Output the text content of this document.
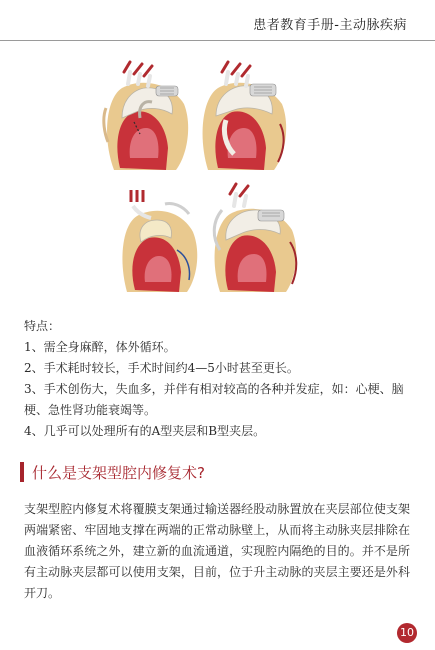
患者教育手册-主动脉疾病

特点：

1、需全身麻醉，体外循环。

2、手术耗时较长，手术时间约4—5小时甚至更长。

3、手术创伤大，失血多，并伴有相对较高的各种并发症，如：心梗、脑梗、急性肾功能衰竭等。

4、几乎可以处理所有的A型夹层和B型夹层。

什么是支架型腔内修复术?
支架型腔内修复术将覆膜支架通过输送器经股动脉置放在夹层部位使支架两端紧密、牢固地支撑在两端的正常动脉壁上，从而将主动脉夹层排除在血液循环系统之外，建立新的血流通道，实现腔内隔绝的目的。并不是所有主动脉夹层都可以使用支架，目前，位于升主动脉的夹层主要还是外科开刀。
10
